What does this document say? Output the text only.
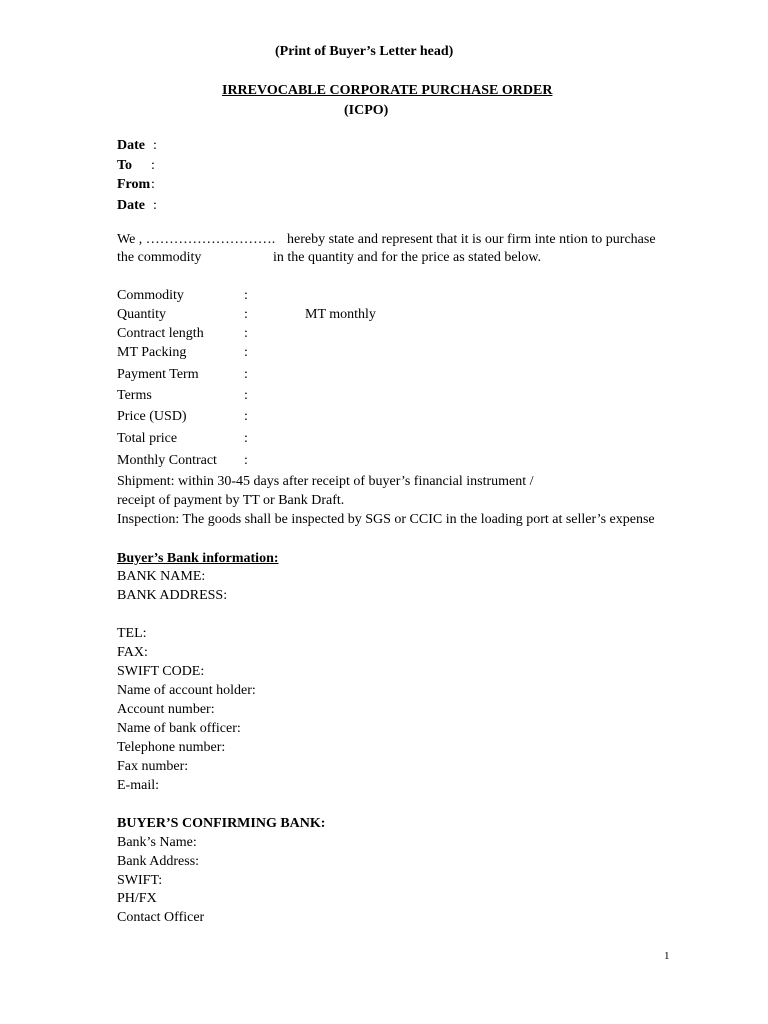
(Print of Buyer’s Letter head)
IRREVOCABLE CORPORATE PURCHASE ORDER
(ICPO)
Date :
To :
From :
Date :
We , ………………………. hereby state and represent that it is our firm inte ntion to purchase
the commodity	in the quantity and for the price as stated below.
Commodity	:
Quantity	:	MT monthly
Contract length	:
MT Packing	:
Payment Term	:
Terms	:
Price (USD)	:
Total price	:
Monthly Contract :
Shipment: within 30-45 days after receipt of buyer’s financial instrument /
receipt of payment by TT or Bank Draft.
Inspection: The goods shall be inspected by SGS or CCIC in the loading port at seller’s expense
Buyer’s Bank information:
BANK NAME:
BANK ADDRESS:
TEL:
FAX:
SWIFT CODE:
Name of account holder:
Account number:
Name of bank officer:
Telephone number:
Fax number:
E-mail:
BUYER’S CONFIRMING BANK:
Bank’s Name:
Bank Address:
SWIFT:
PH/FX
Contact Officer
1
